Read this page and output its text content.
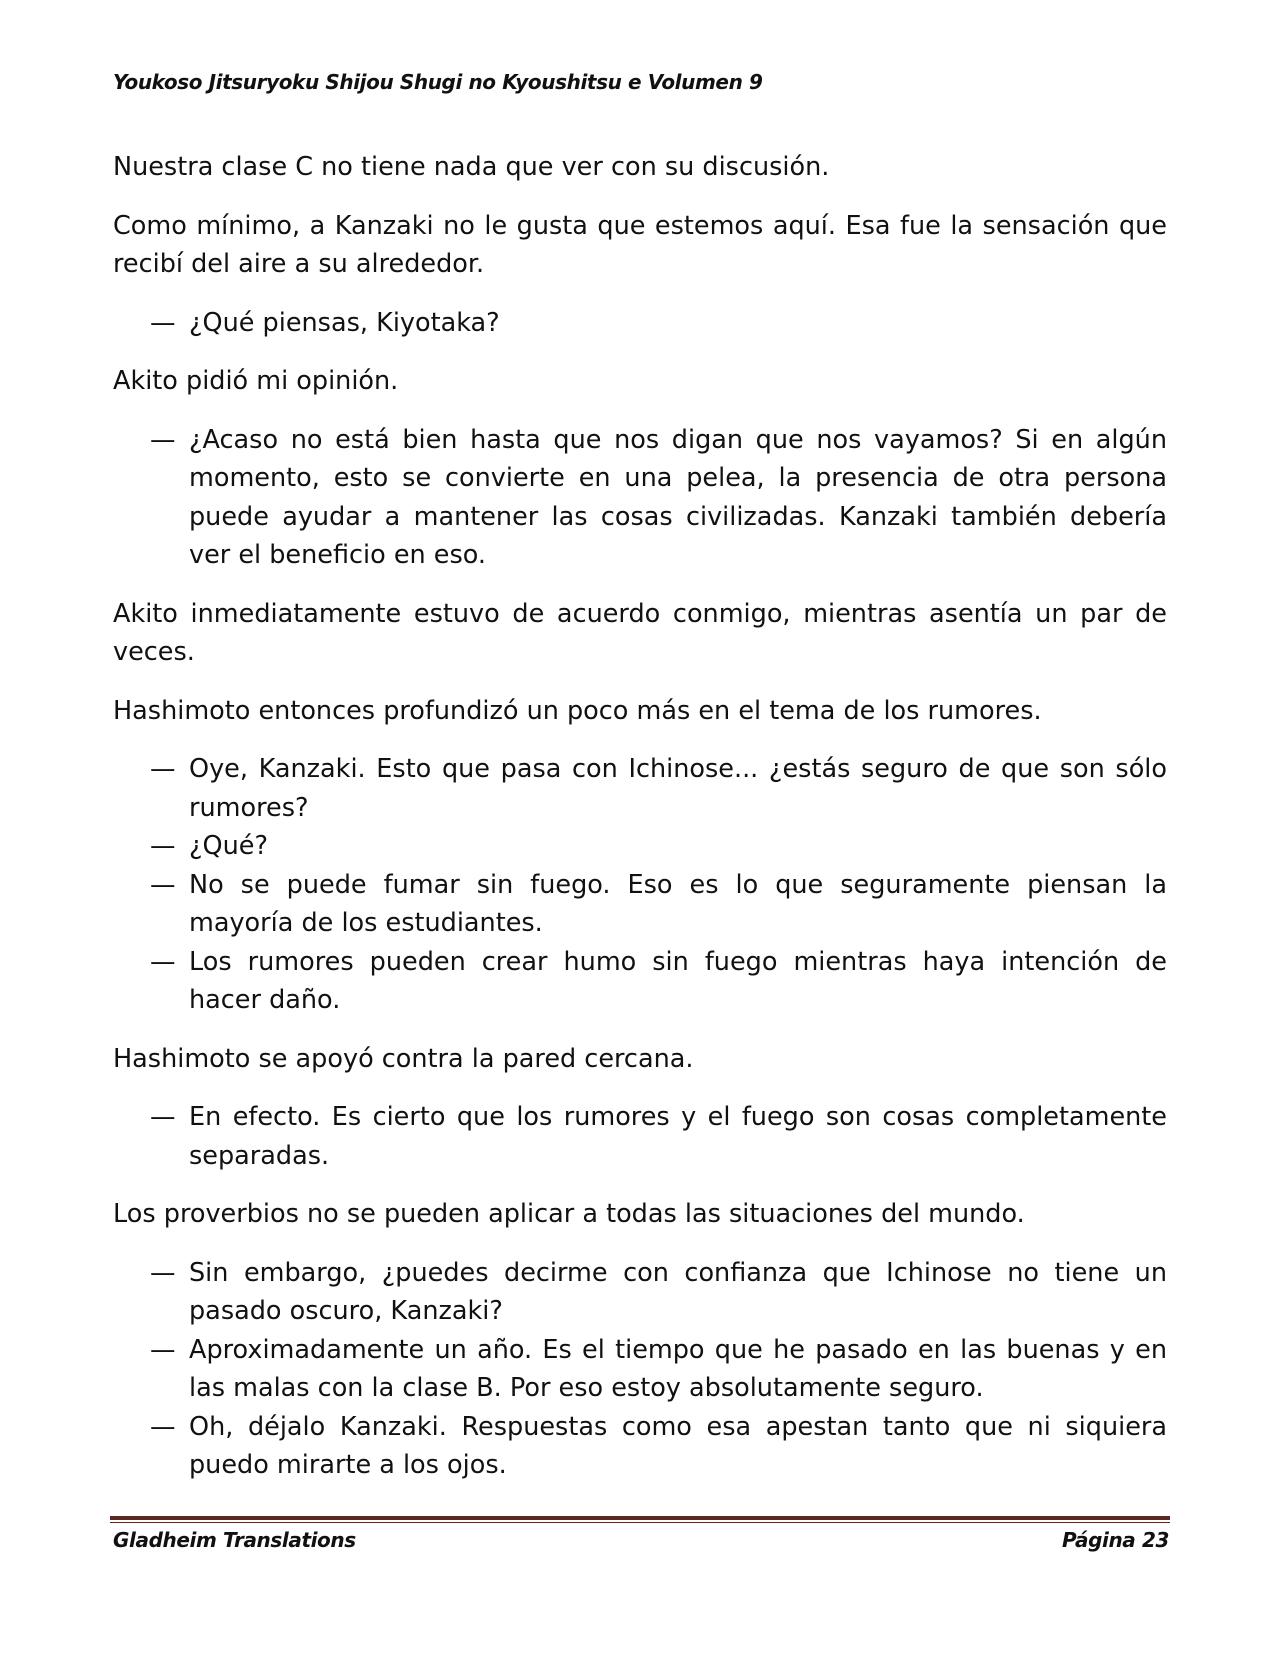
Youkoso Jitsuryoku Shijou Shugi no Kyoushitsu e Volumen 9

Nuestra clase C no tiene nada que ver con su discusión.

Como mínimo, a Kanzaki no le gusta que estemos aquí. Esa fue la sensación que recibí del aire a su alrededor.

— ¿Qué piensas, Kiyotaka?

Akito pidió mi opinión.

— ¿Acaso no está bien hasta que nos digan que nos vayamos? Si en algún momento, esto se convierte en una pelea, la presencia de otra persona puede ayudar a mantener las cosas civilizadas. Kanzaki también debería ver el beneficio en eso.

Akito inmediatamente estuvo de acuerdo conmigo, mientras asentía un par de veces.

Hashimoto entonces profundizó un poco más en el tema de los rumores.

— Oye, Kanzaki. Esto que pasa con Ichinose... ¿estás seguro de que son sólo rumores?

— ¿Qué?

— No se puede fumar sin fuego. Eso es lo que seguramente piensan la mayoría de los estudiantes.

— Los rumores pueden crear humo sin fuego mientras haya intención de hacer daño.

Hashimoto se apoyó contra la pared cercana.

— En efecto. Es cierto que los rumores y el fuego son cosas completamente separadas.

Los proverbios no se pueden aplicar a todas las situaciones del mundo.

— Sin embargo, ¿puedes decirme con confianza que Ichinose no tiene un pasado oscuro, Kanzaki?

— Aproximadamente un año. Es el tiempo que he pasado en las buenas y en las malas con la clase B. Por eso estoy absolutamente seguro.

— Oh, déjalo Kanzaki. Respuestas como esa apestan tanto que ni siquiera puedo mirarte a los ojos.

Gladheim Translations	Página 23
